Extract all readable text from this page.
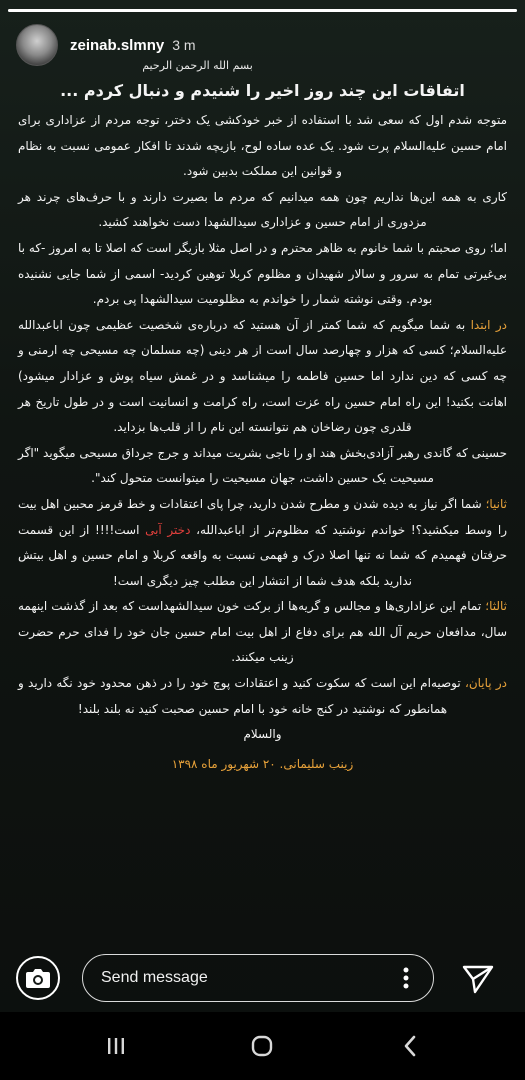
zeinab.slmny 3 m
بسم الله الرحمن الرحیم
اتفاقات این چند روز اخیر را شنیدم و دنبال کردم ...

متوجه شدم اول که سعی شد با استفاده از خبر خودکشی یک دختر، توجه مردم از عزاداری برای امام حسین علیه‌السلام پرت شود. یک عده ساده لوح، بازیچه شدند تا افکار عمومی نسبت به نظام و قوانین این مملکت بدبین شود.

کاری به همه این‌ها نداریم چون همه میدانیم که مردم ما بصیرت دارند و با حرف‌های چرند هر مزدوری از امام حسین و عزاداری سیدالشهدا دست نخواهند کشید.

اما؛ روی صحبتم با شما خانوم به ظاهر محترم و در اصل مثلا بازیگر است که اصلا تا به امروز -که با بی‌غیرتی تمام به سرور و سالار شهیدان و مظلوم کربلا توهین کردید- اسمی از شما جایی نشنیده بودم. وقتی نوشته شمار را خواندم به مظلومیت سیدالشهدا پی بردم.

در ابتدا به شما میگویم که شما کمتر از آن هستید که درباره‌ی شخصیت عظیمی چون اباعبدالله علیه‌السلام؛ کسی که هزار و چهارصد سال است از هر دینی (چه مسلمان چه مسیحی چه ارمنی و چه کسی که دین ندارد اما حسین فاطمه را میشناسد و در غمش سیاه پوش و عزادار میشود) اهانت بکنید! این راه امام حسین راه عزت است، راه کرامت و انسانیت است و در طول تاریخ هر قلدری چون رضاخان هم نتوانسته این نام را از قلب‌ها بزداید.

حسینی که گاندی رهبر آزادی‌بخش هند او را ناجی بشریت میداند و جرج جرداق مسیحی میگوید "اگر مسیحیت یک حسین داشت، جهان مسیحیت را میتوانست متحول کند".

ثانیا؛ شما اگر نیاز به دیده شدن و مطرح شدن دارید، چرا پای اعتقادات و خط قرمز محبین اهل بیت را وسط میکشید؟! خواندم نوشتید که مظلوم‌تر از اباعبدالله، دختر آبی است!!!! از این قسمت حرفتان فهمیدم که شما نه تنها اصلا درک و فهمی نسبت به واقعه کربلا و امام حسین و اهل بیتش ندارید بلکه هدف شما از انتشار این مطلب چیز دیگری است!

ثالثا؛ تمام این عزاداری‌ها و مجالس و گریه‌ها از برکت خون سیدالشهداست که بعد از گذشت اینهمه سال، مدافعان حریم آل الله هم برای دفاع از اهل بیت امام حسین جان خود را فدای حرم حضرت زینب میکنند.

در پایان، توصیه‌ام این است که سکوت کنید و اعتقادات پوچ خود را در ذهن محدود خود نگه دارید و همانطور که نوشتید در کنج خانه خود با امام حسین صحبت کنید نه بلند بلند!

والسلام
زینب سلیمانی. ۲۰ شهریور ماه ۱۳۹۸
Send message
